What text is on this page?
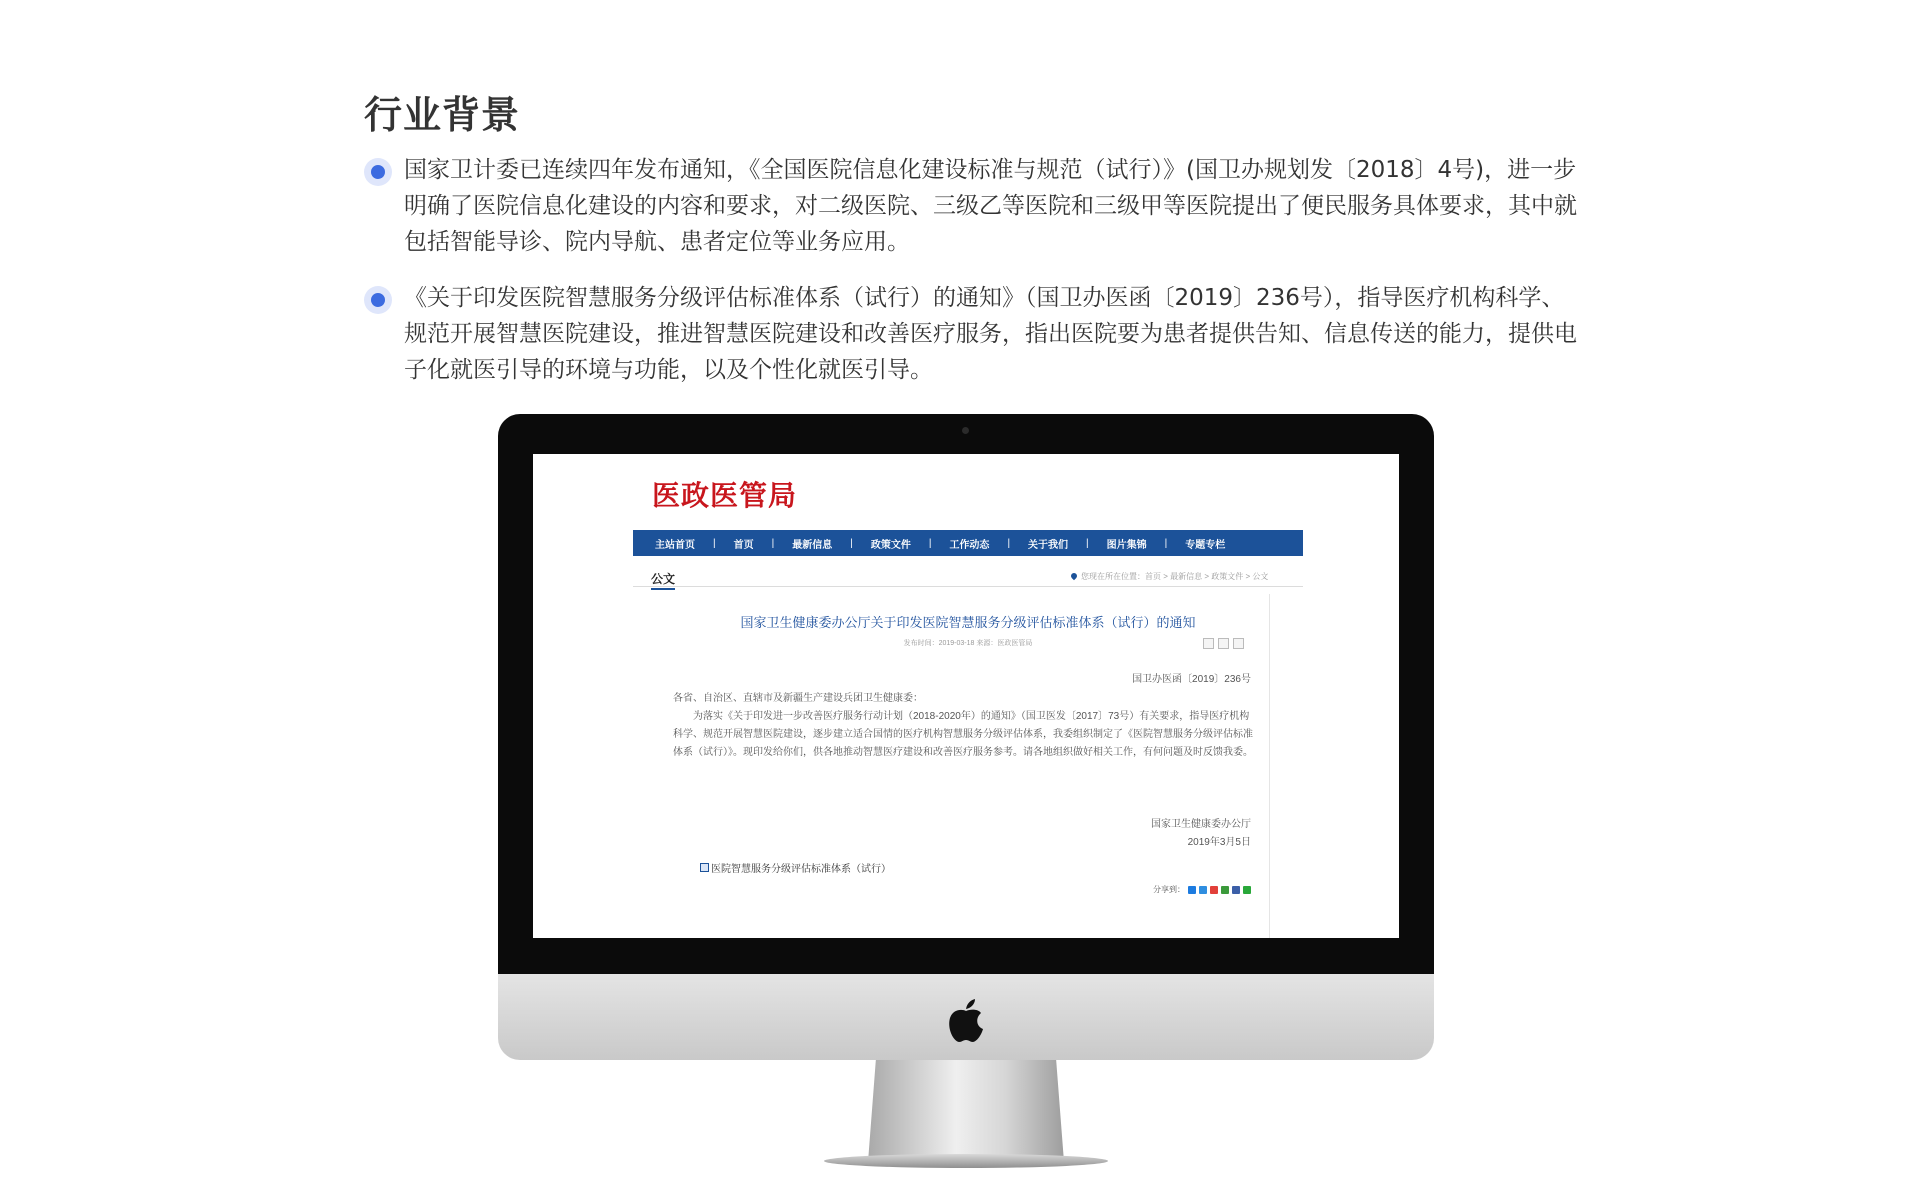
行业背景

国家卫计委已连续四年发布通知，《全国医院信息化建设标准与规范（试行）》(国卫办规划发〔2018〕4号)，进一步明确了医院信息化建设的内容和要求，对二级医院、三级乙等医院和三级甲等医院提出了便民服务具体要求，其中就包括智能导诊、院内导航、患者定位等业务应用。

《关于印发医院智慧服务分级评估标准体系（试行）的通知》（国卫办医函〔2019〕236号），指导医疗机构科学、规范开展智慧医院建设，推进智慧医院建设和改善医疗服务，指出医院要为患者提供告知、信息传送的能力，提供电子化就医引导的环境与功能，以及个性化就医引导。

医政医管局
主站首页 | 首页 | 最新信息 | 政策文件 | 工作动态 | 关于我们 | 图片集锦 | 专题专栏
公文	您现在所在位置：首页 > 最新信息 > 政策文件 > 公文
国家卫生健康委办公厅关于印发医院智慧服务分级评估标准体系（试行）的通知
发布时间：2019-03-18 来源：医政医管局
国卫办医函〔2019〕236号

各省、自治区、直辖市及新疆生产建设兵团卫生健康委：

为落实《关于印发进一步改善医疗服务行动计划（2018-2020年）的通知》（国卫医发〔2017〕73号）有关要求，指导医疗机构科学、规范开展智慧医院建设，逐步建立适合国情的医疗机构智慧服务分级评估体系，我委组织制定了《医院智慧服务分级评估标准体系（试行）》。现印发给你们，供各地推动智慧医疗建设和改善医疗服务参考。请各地组织做好相关工作，有何问题及时反馈我委。

国家卫生健康委办公厅

2019年3月5日

医院智慧服务分级评估标准体系（试行）
分享到：
